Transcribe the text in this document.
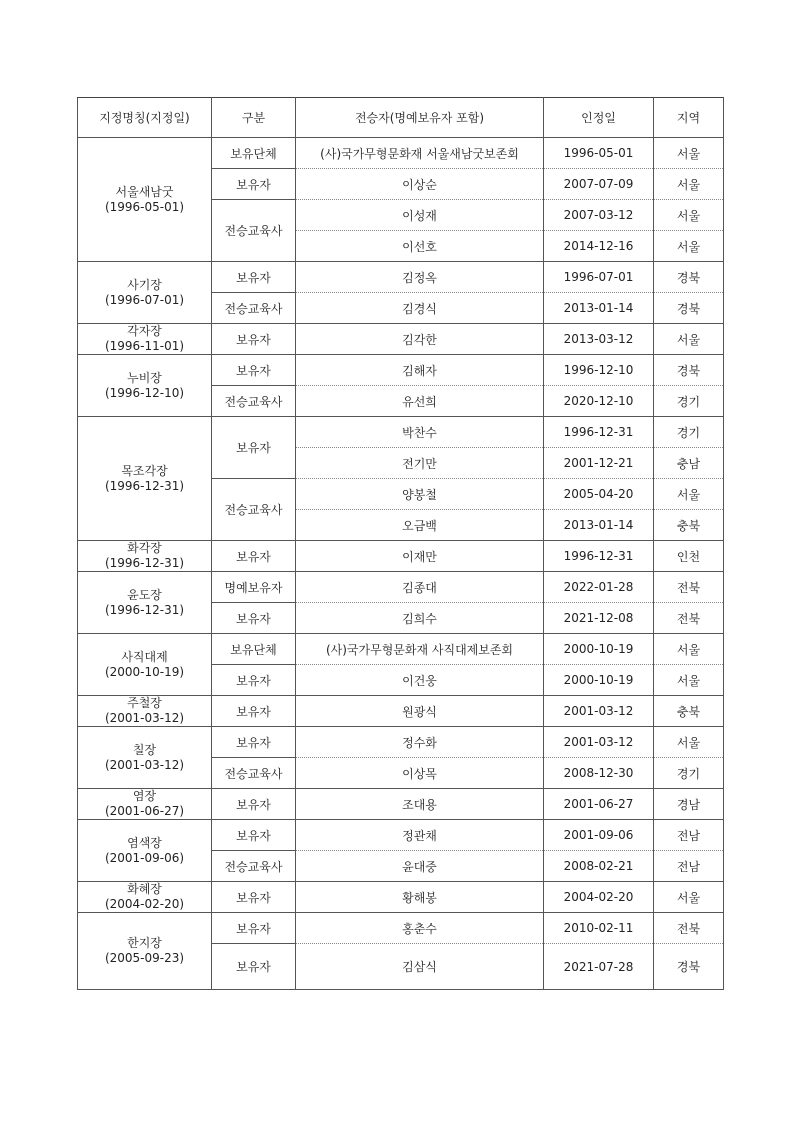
지정명칭(지정일)	구분	전승자(명예보유자 포함)	인정일	지역

서울새남굿
(1996-05-01)	보유단체	(사)국가무형문화재 서울새남굿보존회	1996-05-01	서울
	보유자	이상순	2007-07-09	서울
	전승교육사	이성재	2007-03-12	서울
		이선호	2014-12-16	서울

사기장
(1996-07-01)	보유자	김정옥	1996-07-01	경북
	전승교육사	김경식	2013-01-14	경북

각자장
(1996-11-01)	보유자	김각한	2013-03-12	서울

누비장
(1996-12-10)	보유자	김해자	1996-12-10	경북
	전승교육사	유선희	2020-12-10	경기

목조각장
(1996-12-31)	보유자	박찬수	1996-12-31	경기
		전기만	2001-12-21	충남
	전승교육사	양봉철	2005-04-20	서울
		오금백	2013-01-14	충북

화각장
(1996-12-31)	보유자	이재만	1996-12-31	인천

윤도장
(1996-12-31)	명예보유자	김종대	2022-01-28	전북
	보유자	김희수	2021-12-08	전북

사직대제
(2000-10-19)	보유단체	(사)국가무형문화재 사직대제보존회	2000-10-19	서울
	보유자	이건웅	2000-10-19	서울

주철장
(2001-03-12)	보유자	원광식	2001-03-12	충북

칠장
(2001-03-12)	보유자	정수화	2001-03-12	서울
	전승교육사	이상목	2008-12-30	경기

염장
(2001-06-27)	보유자	조대용	2001-06-27	경남

염색장
(2001-09-06)	보유자	정관채	2001-09-06	전남
	전승교육사	윤대중	2008-02-21	전남

화혜장
(2004-02-20)	보유자	황해봉	2004-02-20	서울

한지장
(2005-09-23)	보유자	홍춘수	2010-02-11	전북
	보유자	김삼식	2021-07-28	경북
